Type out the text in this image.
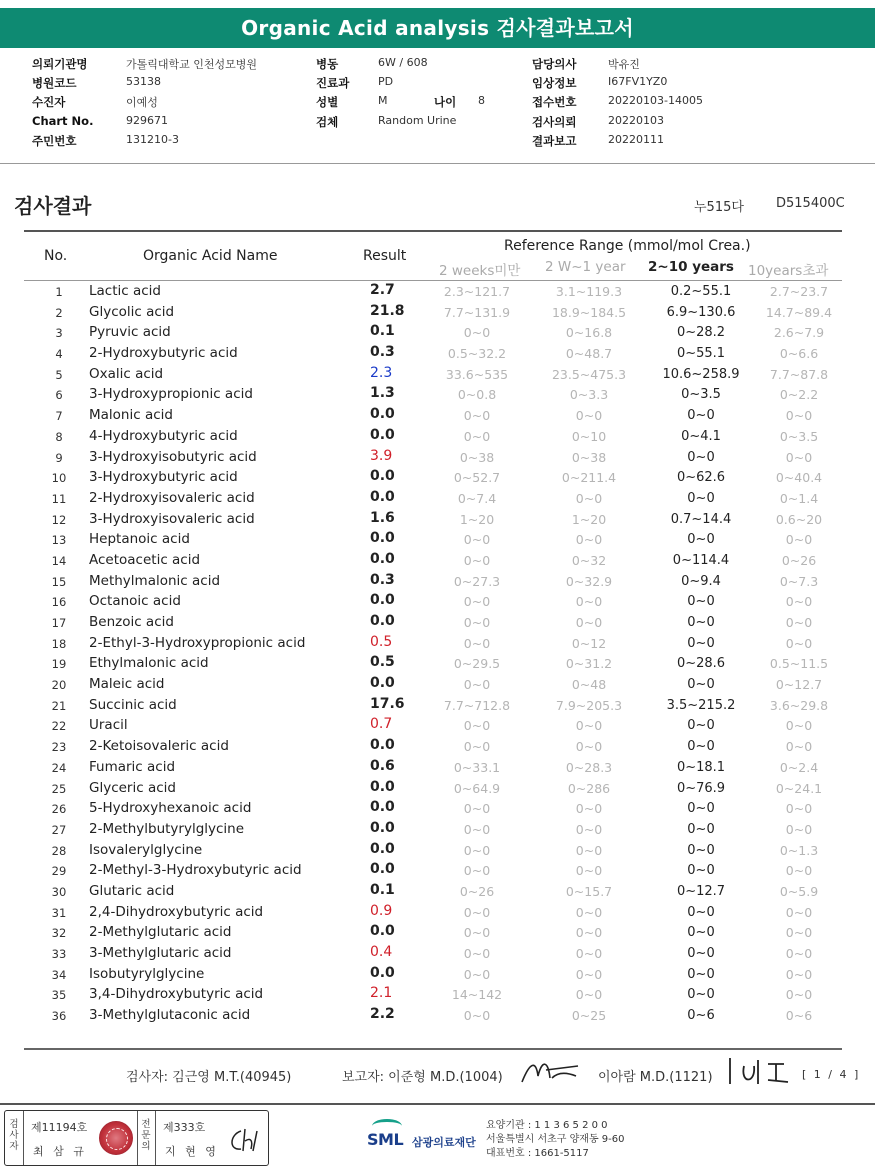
Organic Acid analysis 검사결과보고서
의뢰기관명	가톨릭대학교 인천성모병원	병동	6W / 608	담당의사	박유진
병원코드	53138	진료과	PD	임상정보	I67FV1YZ0
수진자	이예성	성별	M	나이 8	접수번호	20220103-14005
Chart No.	929671	검체	Random Urine	검사의뢰	20220103
주민번호	131210-3	결과보고	20220111
검사결과	누515다 D515400C
No.	Organic Acid Name	Result
Reference Range (mmol/mol Crea.)
2 weeks미만 2 W~1 year 2~10 years 10years초과
1	Lactic acid	2.7	2.3~121.7	3.1~119.3	0.2~55.1	2.7~23.7
2	Glycolic acid	21.8	7.7~131.9	18.9~184.5	6.9~130.6	14.7~89.4
3	Pyruvic acid	0.1	0~0	0~16.8	0~28.2	2.6~7.9
4	2-Hydroxybutyric acid	0.3	0.5~32.2	0~48.7	0~55.1	0~6.6
5	Oxalic acid	2.3	33.6~535	23.5~475.3	10.6~258.9	7.7~87.8
6	3-Hydroxypropionic acid	1.3	0~0.8	0~3.3	0~3.5	0~2.2
7	Malonic acid	0.0	0~0	0~0	0~0	0~0
8	4-Hydroxybutyric acid	0.0	0~0	0~10	0~4.1	0~3.5
9	3-Hydroxyisobutyric acid	3.9	0~38	0~38	0~0	0~0
10	3-Hydroxybutyric acid	0.0	0~52.7	0~211.4	0~62.6	0~40.4
11	2-Hydroxyisovaleric acid	0.0	0~7.4	0~0	0~0	0~1.4
12	3-Hydroxyisovaleric acid	1.6	1~20	1~20	0.7~14.4	0.6~20
13	Heptanoic acid	0.0	0~0	0~0	0~0	0~0
14	Acetoacetic acid	0.0	0~0	0~32	0~114.4	0~26
15	Methylmalonic acid	0.3	0~27.3	0~32.9	0~9.4	0~7.3
16	Octanoic acid	0.0	0~0	0~0	0~0	0~0
17	Benzoic acid	0.0	0~0	0~0	0~0	0~0
18	2-Ethyl-3-Hydroxypropionic acid	0.5	0~0	0~12	0~0	0~0
19	Ethylmalonic acid	0.5	0~29.5	0~31.2	0~28.6	0.5~11.5
20	Maleic acid	0.0	0~0	0~48	0~0	0~12.7
21	Succinic acid	17.6	7.7~712.8	7.9~205.3	3.5~215.2	3.6~29.8
22	Uracil	0.7	0~0	0~0	0~0	0~0
23	2-Ketoisovaleric acid	0.0	0~0	0~0	0~0	0~0
24	Fumaric acid	0.6	0~33.1	0~28.3	0~18.1	0~2.4
25	Glyceric acid	0.0	0~64.9	0~286	0~76.9	0~24.1
26	5-Hydroxyhexanoic acid	0.0	0~0	0~0	0~0	0~0
27	2-Methylbutyrylglycine	0.0	0~0	0~0	0~0	0~0
28	Isovalerylglycine	0.0	0~0	0~0	0~0	0~1.3
29	2-Methyl-3-Hydroxybutyric acid	0.0	0~0	0~0	0~0	0~0
30	Glutaric acid	0.1	0~26	0~15.7	0~12.7	0~5.9
31	2,4-Dihydroxybutyric acid	0.9	0~0	0~0	0~0	0~0
32	2-Methylglutaric acid	0.0	0~0	0~0	0~0	0~0
33	3-Methylglutaric acid	0.4	0~0	0~0	0~0	0~0
34	Isobutyrylglycine	0.0	0~0	0~0	0~0	0~0
35	3,4-Dihydroxybutyric acid	2.1	14~142	0~0	0~0	0~0
36	3-Methylglutaconic acid	2.2	0~0	0~25	0~6	0~6
검사자: 김근영 M.T.(40945)	보고자: 이준형 M.D.(1004)	이아람 M.D.(1121)	[ 1 / 4 ]
검사자
제11194호
최 삼 규
전문의
제333호
지 현 영
SML 삼광의료재단
요양기관 : 1 1 3 6 5 2 0 0
서울특별시 서초구 양재동 9-60
대표번호 : 1661-5117
